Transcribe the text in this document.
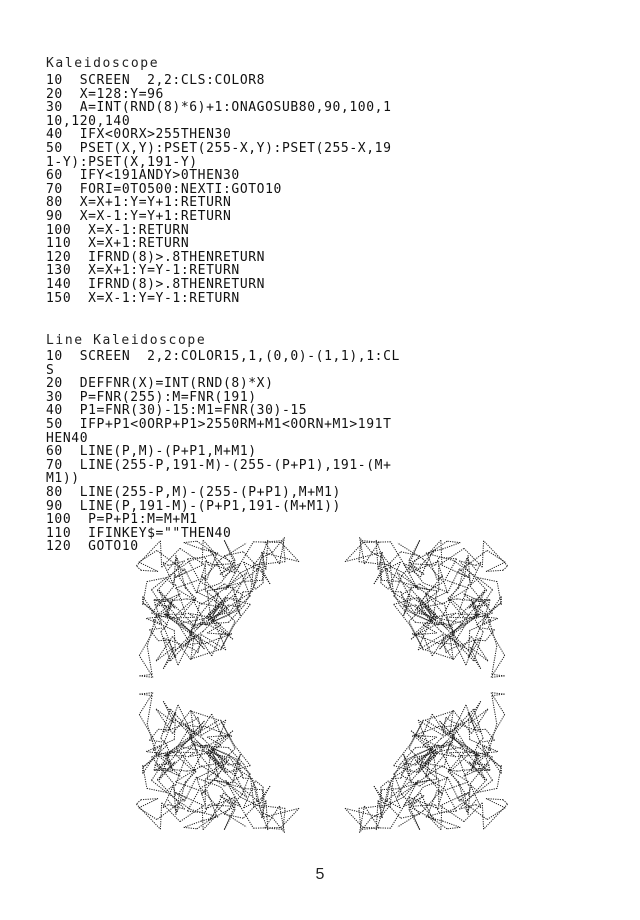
Kaleidoscope
10  SCREEN  2,2:CLS:COLOR8
20  X=128:Y=96
30  A=INT(RND(8)*6)+1:ONAGOSUB80,90,100,1
10,120,140
40  IFX<0ORX>255THEN30
50  PSET(X,Y):PSET(255-X,Y):PSET(255-X,19
1-Y):PSET(X,191-Y)
60  IFY<191ANDY>0THEN30
70  FORI=0TO500:NEXTI:GOTO10
80  X=X+1:Y=Y+1:RETURN
90  X=X-1:Y=Y+1:RETURN
100  X=X-1:RETURN
110  X=X+1:RETURN
120  IFRND(8)>.8THENRETURN
130  X=X+1:Y=Y-1:RETURN
140  IFRND(8)>.8THENRETURN
150  X=X-1:Y=Y-1:RETURN
Line Kaleidoscope
10  SCREEN  2,2:COLOR15,1,(0,0)-(1,1),1:CL
S
20  DEFFNR(X)=INT(RND(8)*X)
30  P=FNR(255):M=FNR(191)
40  P1=FNR(30)-15:M1=FNR(30)-15
50  IFP+P1<0ORP+P1>2550RM+M1<0ORN+M1>191T
HEN40
60  LINE(P,M)-(P+P1,M+M1)
70  LINE(255-P,191-M)-(255-(P+P1),191-(M+
M1))
80  LINE(255-P,M)-(255-(P+P1),M+M1)
90  LINE(P,191-M)-(P+P1,191-(M+M1))
100  P=P+P1:M=M+M1
110  IFINKEY$=""THEN40
120  GOTO10
5
